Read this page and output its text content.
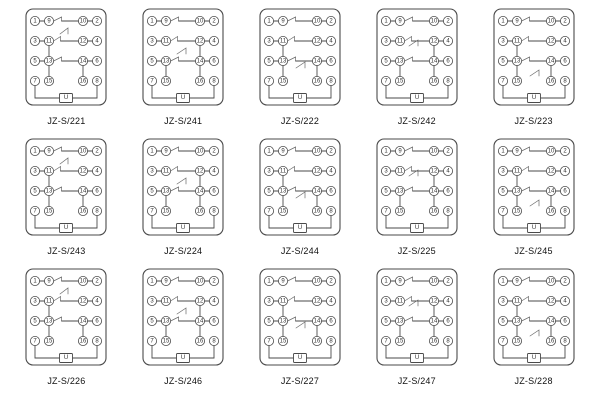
1
3
5
7
2
4
6
8
9
11
13
15
10
12
14
16
U
JZ-S/221
1
3
5
7
2
4
6
8
9
11
13
15
10
12
14
16
U
JZ-S/241
1
3
5
7
2
4
6
8
9
11
13
15
10
12
14
16
U
JZ-S/222
1
3
5
7
2
4
6
8
9
11
13
15
10
12
14
16
U
JZ-S/242
1
3
5
7
2
4
6
8
9
11
13
15
10
12
14
16
U
JZ-S/223
1
3
5
7
2
4
6
8
9
11
13
15
10
12
14
16
U
JZ-S/243
1
3
5
7
2
4
6
8
9
11
13
15
10
12
14
16
U
JZ-S/224
1
3
5
7
2
4
6
8
9
11
13
15
10
12
14
16
U
JZ-S/244
1
3
5
7
2
4
6
8
9
11
13
15
10
12
14
16
U
JZ-S/225
1
3
5
7
2
4
6
8
9
11
13
15
10
12
14
16
U
JZ-S/245
1
3
5
7
2
4
6
8
9
11
13
15
10
12
14
16
U
JZ-S/226
1
3
5
7
2
4
6
8
9
11
13
15
10
12
14
16
U
JZ-S/246
1
3
5
7
2
4
6
8
9
11
13
15
10
12
14
16
U
JZ-S/227
1
3
5
7
2
4
6
8
9
11
13
15
10
12
14
16
U
JZ-S/247
1
3
5
7
2
4
6
8
9
11
13
15
10
12
14
16
U
JZ-S/228
